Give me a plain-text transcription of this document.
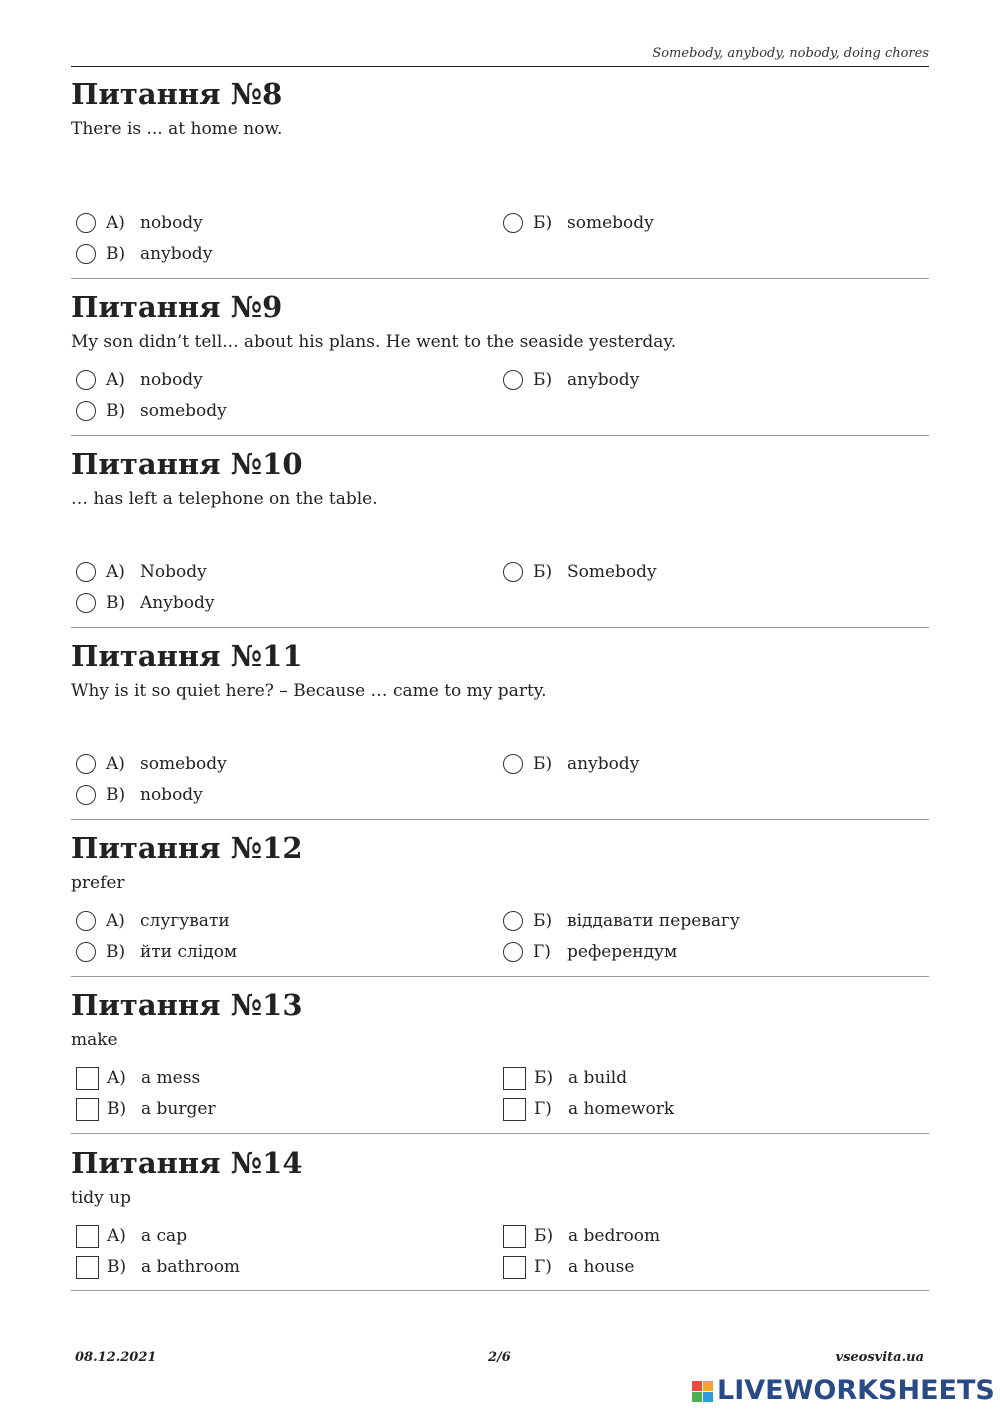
Somebody, anybody, nobody, doing chores
Питання №8
There is ... at home now.
A) nobody	Б) somebody
В) anybody
Питання №9
My son didn’t tell... about his plans. He went to the seaside yesterday.
A) nobody	Б) anybody
В) somebody
Питання №10
… has left a telephone on the table.
A) Nobody	Б) Somebody
В) Anybody
Питання №11
Why is it so quiet here? – Because … came to my party.
A) somebody	Б) anybody
В) nobody
Питання №12
prefer
A) слугувати	Б) віддавати перевагу
В) йти слідом	Г) референдум
Питання №13
make
A) a mess	Б) a build
В) a burger	Г) a homework
Питання №14
tidy up
A) a cap	Б) a bedroom
В) a bathroom	Г) a house
08.12.2021	2/6	vseosvita.ua
LIVEWORKSHEETS
